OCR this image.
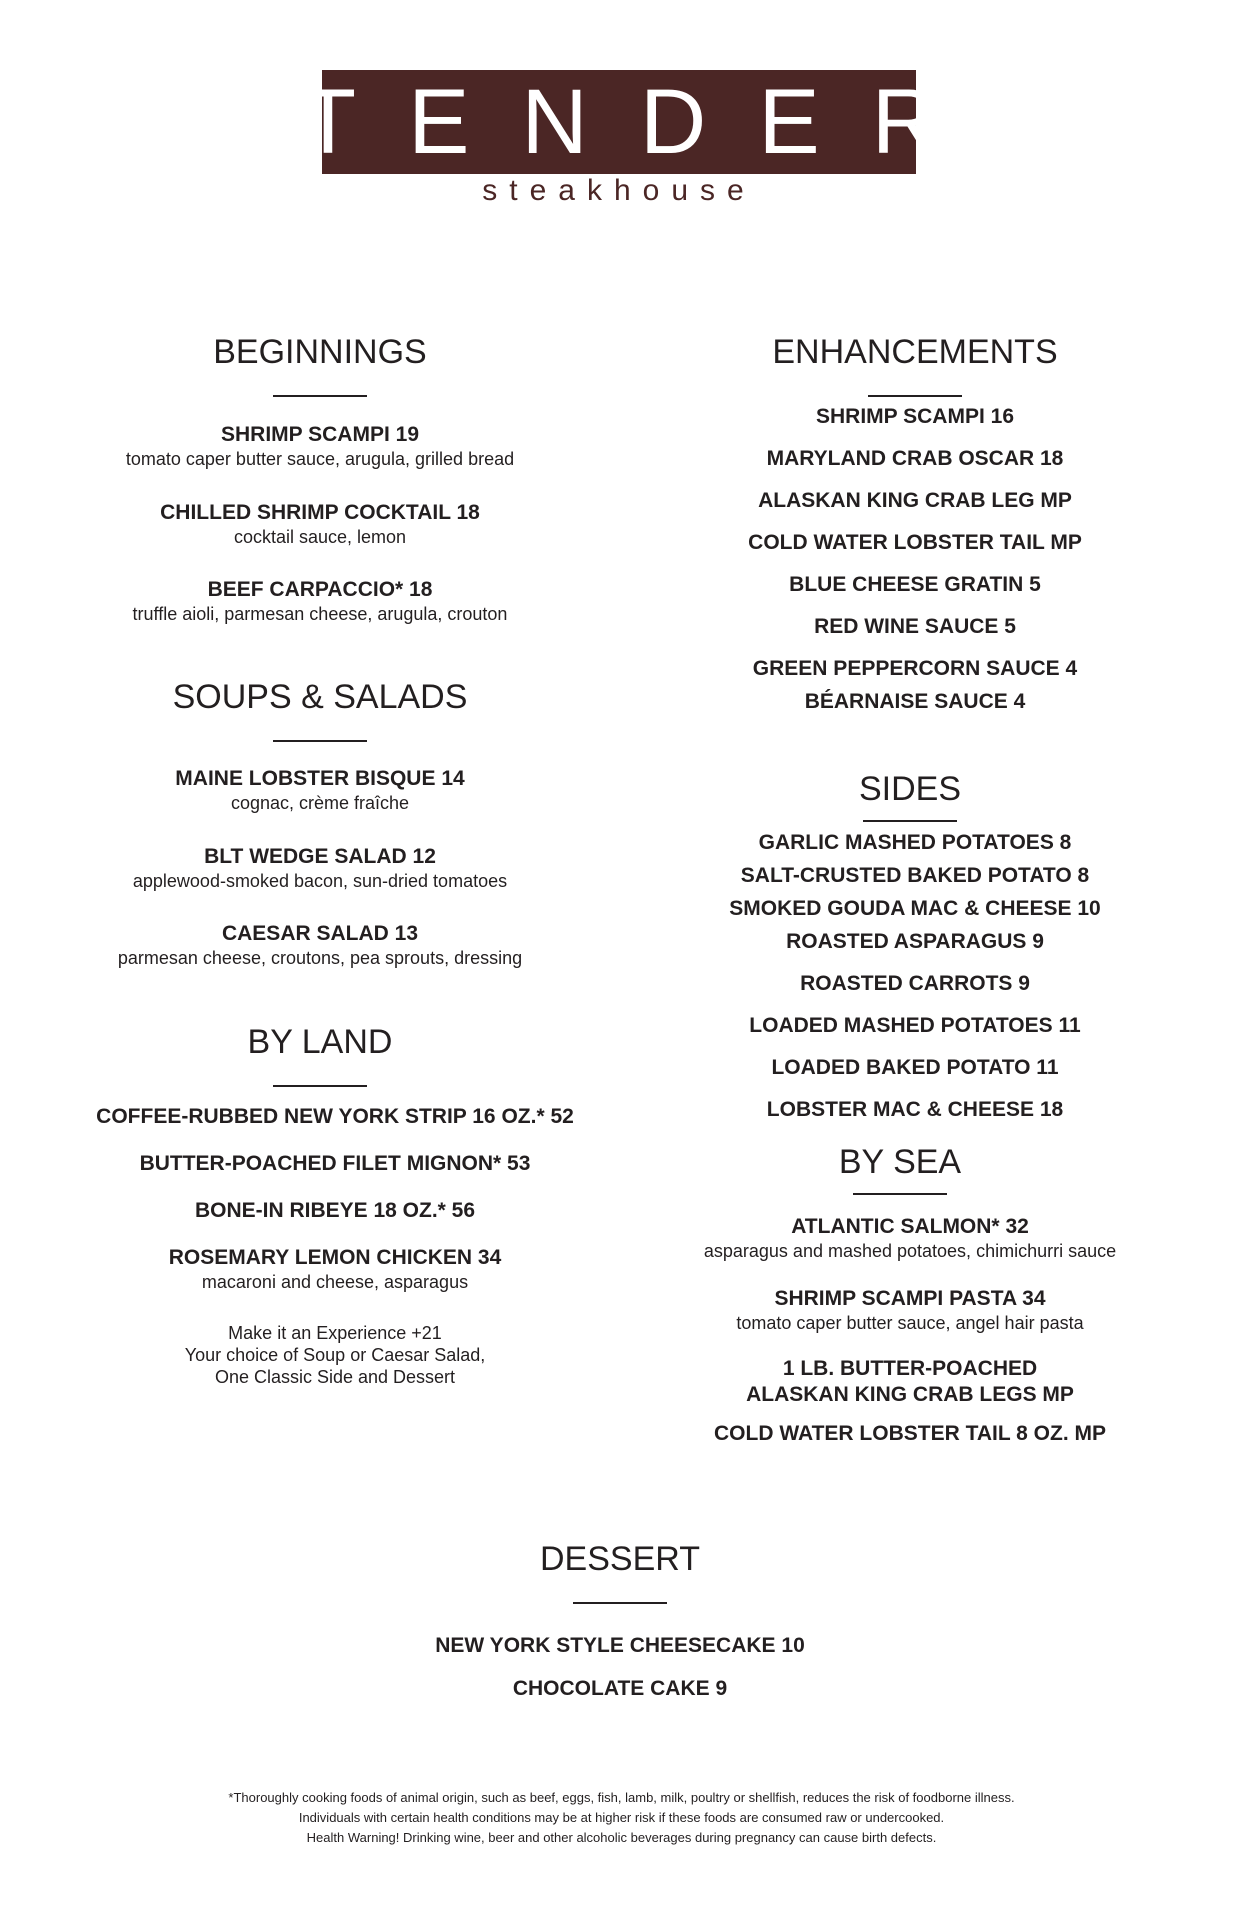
TENDER
steakhouse
BEGINNINGS
SHRIMP SCAMPI 19
tomato caper butter sauce, arugula, grilled bread
CHILLED SHRIMP COCKTAIL 18
cocktail sauce, lemon
BEEF CARPACCIO* 18
truffle aioli, parmesan cheese, arugula, crouton
SOUPS & SALADS
MAINE LOBSTER BISQUE 14
cognac, crème fraîche
BLT WEDGE SALAD 12
applewood-smoked bacon, sun-dried tomatoes
CAESAR SALAD 13
parmesan cheese, croutons, pea sprouts, dressing
BY LAND
COFFEE-RUBBED NEW YORK STRIP 16 OZ.* 52
BUTTER-POACHED FILET MIGNON* 53
BONE-IN RIBEYE 18 OZ.* 56
ROSEMARY LEMON CHICKEN 34
macaroni and cheese, asparagus
Make it an Experience +21
Your choice of Soup or Caesar Salad,
One Classic Side and Dessert
ENHANCEMENTS
SHRIMP SCAMPI 16
MARYLAND CRAB OSCAR 18
ALASKAN KING CRAB LEG MP
COLD WATER LOBSTER TAIL MP
BLUE CHEESE GRATIN 5
RED WINE SAUCE 5
GREEN PEPPERCORN SAUCE 4
BÉARNAISE SAUCE 4
SIDES
GARLIC MASHED POTATOES 8
SALT-CRUSTED BAKED POTATO 8
SMOKED GOUDA MAC & CHEESE 10
ROASTED ASPARAGUS 9
ROASTED CARROTS 9
LOADED MASHED POTATOES 11
LOADED BAKED POTATO 11
LOBSTER MAC & CHEESE 18
BY SEA
ATLANTIC SALMON* 32
asparagus and mashed potatoes, chimichurri sauce
SHRIMP SCAMPI PASTA 34
tomato caper butter sauce, angel hair pasta
1 LB. BUTTER-POACHED
ALASKAN KING CRAB LEGS MP
COLD WATER LOBSTER TAIL 8 OZ. MP
DESSERT
NEW YORK STYLE CHEESECAKE 10
CHOCOLATE CAKE 9
*Thoroughly cooking foods of animal origin, such as beef, eggs, fish, lamb, milk, poultry or shellfish, reduces the risk of foodborne illness.
Individuals with certain health conditions may be at higher risk if these foods are consumed raw or undercooked.
Health Warning! Drinking wine, beer and other alcoholic beverages during pregnancy can cause birth defects.
